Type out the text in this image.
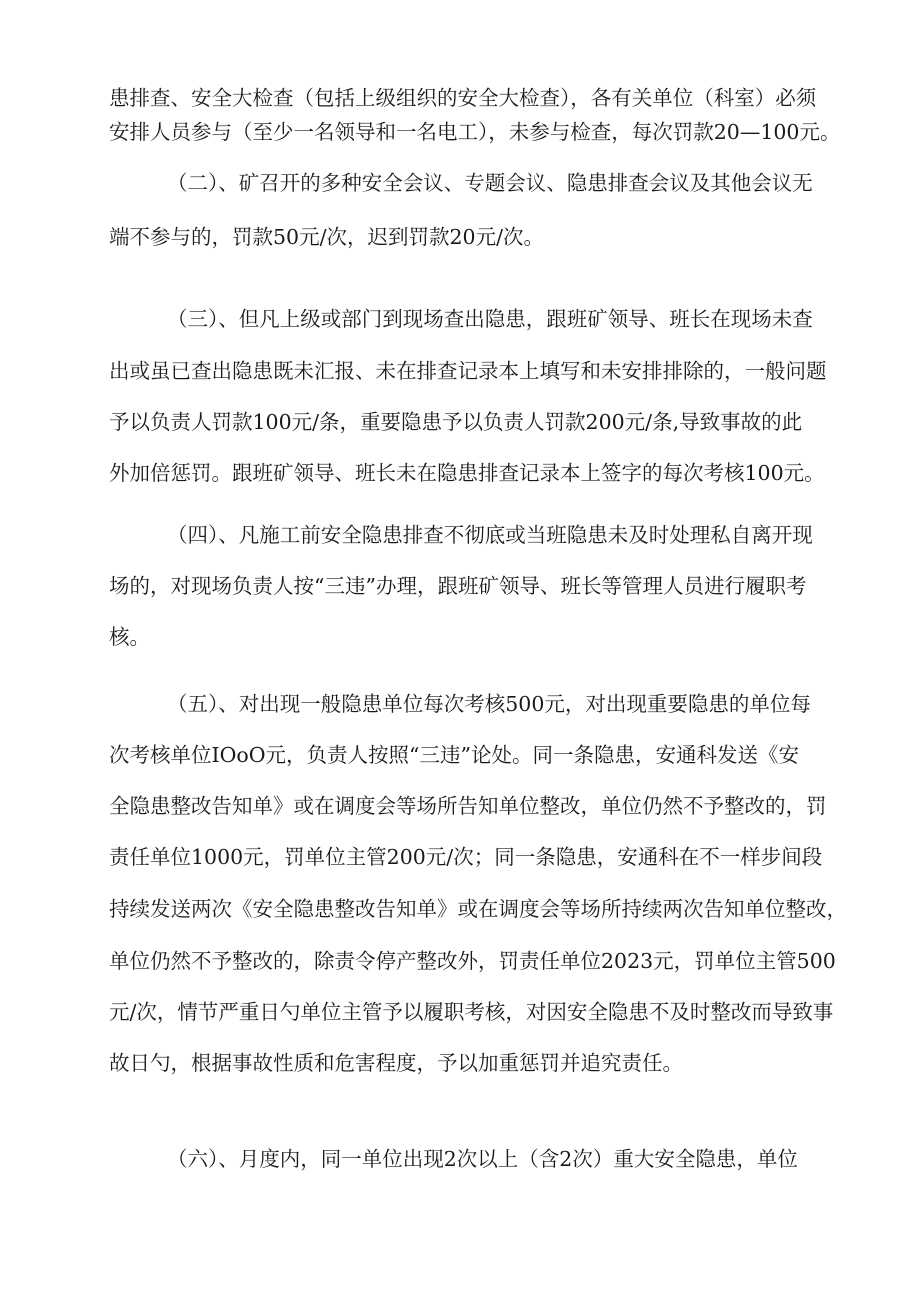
患排查、安全大检查（包括上级组织的安全大检查），各有关单位（科室）必须
安排人员参与（至少一名领导和一名电工），未参与检查，每次罚款20—100元。
（二）、矿召开的多种安全会议、专题会议、隐患排查会议及其他会议无
端不参与的，罚款50元/次，迟到罚款20元/次。
（三）、但凡上级或部门到现场查出隐患，跟班矿领导、班长在现场未查
出或虽已查出隐患既未汇报、未在排查记录本上填写和未安排排除的，一般问题
予以负责人罚款100元/条，重要隐患予以负责人罚款200元/条,导致事故的此
外加倍惩罚。跟班矿领导、班长未在隐患排查记录本上签字的每次考核100元。
（四）、凡施工前安全隐患排查不彻底或当班隐患未及时处理私自离开现
场的，对现场负责人按“三违”办理，跟班矿领导、班长等管理人员进行履职考
核。
（五）、对出现一般隐患单位每次考核500元，对出现重要隐患的单位每
次考核单位IOoO元，负责人按照“三违”论处。同一条隐患，安通科发送《安
全隐患整改告知单》或在调度会等场所告知单位整改，单位仍然不予整改的，罚
责任单位1000元，罚单位主管200元/次；同一条隐患，安通科在不一样步间段
持续发送两次《安全隐患整改告知单》或在调度会等场所持续两次告知单位整改，
单位仍然不予整改的，除责令停产整改外，罚责任单位2023元，罚单位主管500
元/次，情节严重日勺单位主管予以履职考核，对因安全隐患不及时整改而导致事
故日勺，根据事故性质和危害程度，予以加重惩罚并追究责任。
（六）、月度内，同一单位出现2次以上（含2次）重大安全隐患，单位
